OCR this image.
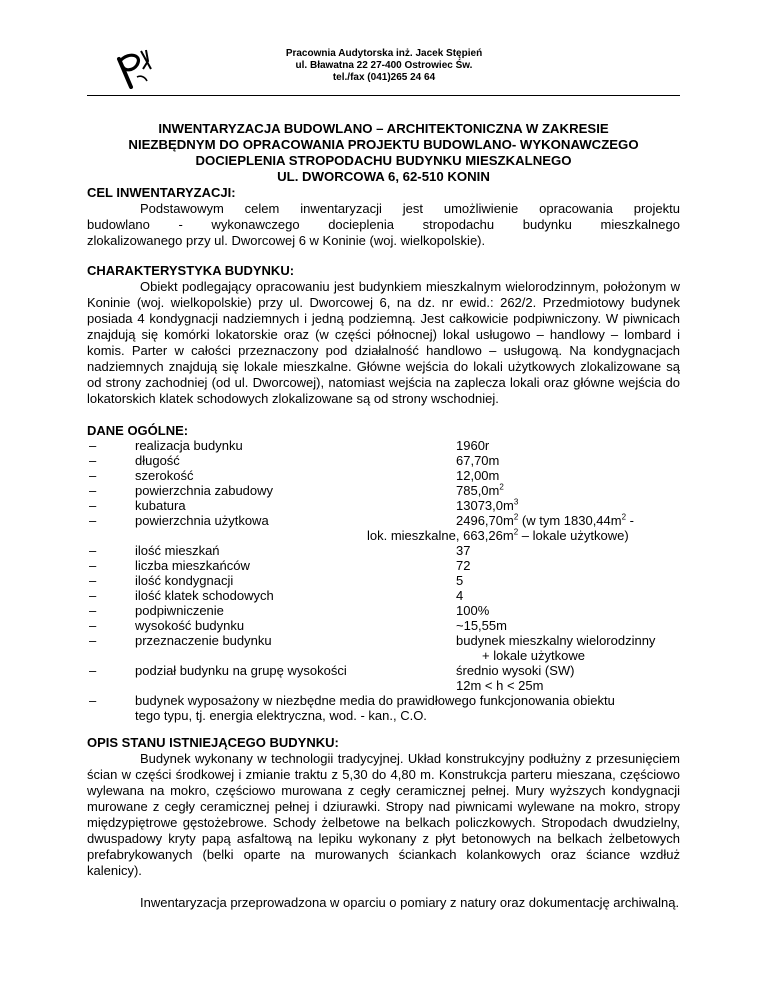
Pracownia Audytorska inż. Jacek Stępień
ul. Bławatna 22 27-400 Ostrowiec Św.
tel./fax (041)265 24 64
INWENTARYZACJA BUDOWLANO – ARCHITEKTONICZNA W ZAKRESIE
NIEZBĘDNYM DO OPRACOWANIA PROJEKTU BUDOWLANO- WYKONAWCZEGO
DOCIEPLENIA STROPODACHU BUDYNKU MIESZKALNEGO
UL. DWORCOWA 6, 62-510 KONIN
CEL INWENTARYZACJI:
Podstawowym celem inwentaryzacji jest umożliwienie opracowania projektu
budowlano - wykonawczego docieplenia stropodachu budynku mieszkalnego
zlokalizowanego przy ul. Dworcowej 6 w Koninie (woj. wielkopolskie).
CHARAKTERYSTYKA BUDYNKU:
Obiekt podlegający opracowaniu jest budynkiem mieszkalnym wielorodzinnym, położonym w Koninie (woj. wielkopolskie) przy ul. Dworcowej 6, na dz. nr ewid.: 262/2. Przedmiotowy budynek posiada 4 kondygnacji nadziemnych i jedną podziemną. Jest całkowicie podpiwniczony. W piwnicach znajdują się komórki lokatorskie oraz (w części północnej) lokal usługowo – handlowy – lombard i komis. Parter w całości przeznaczony pod działalność handlowo – usługową. Na kondygnacjach nadziemnych znajdują się lokale mieszkalne. Główne wejścia do lokali użytkowych zlokalizowane są od strony zachodniej (od ul. Dworcowej), natomiast wejścia na zaplecza lokali oraz główne wejścia do lokatorskich klatek schodowych zlokalizowane są od strony wschodniej.
DANE OGÓLNE:
–	realizacja budynku	1960r
–	długość	67,70m
–	szerokość	12,00m
–	powierzchnia zabudowy	$785,0m^2$
–	kubatura	$13073,0m^3$
–	powierzchnia użytkowa	$2496,70m^2$ (w tym $1830,44m^2$ -
lok. mieszkalne, $663,26m^2$ – lokale użytkowe)
–	ilość mieszkań	37
–	liczba mieszkańców	72
–	ilość kondygnacji	5
–	ilość klatek schodowych	4
–	podpiwniczenie	100%
–	wysokość budynku	~15,55m
–	przeznaczenie budynku	budynek mieszkalny wielorodzinny
+ lokale użytkowe
–	podział budynku na grupę wysokości	średnio wysoki (SW)
12m < h < 25m
–	budynek wyposażony w niezbędne media do prawidłowego funkcjonowania obiektu
tego typu, tj. energia elektryczna, wod. - kan., C.O.
OPIS STANU ISTNIEJĄCEGO BUDYNKU:
Budynek wykonany w technologii tradycyjnej. Układ konstrukcyjny podłużny z przesunięciem ścian w części środkowej i zmianie traktu z 5,30 do 4,80 m. Konstrukcja parteru mieszana, częściowo wylewana na mokro, częściowo murowana z cegły ceramicznej pełnej. Mury wyższych kondygnacji murowane z cegły ceramicznej pełnej i dziurawki. Stropy nad piwnicami wylewane na mokro, stropy międzypiętrowe gęstożebrowe. Schody żelbetowe na belkach policzkowych. Stropodach dwudzielny, dwuspadowy kryty papą asfaltową na lepiku wykonany z płyt betonowych na belkach żelbetowych prefabrykowanych (belki oparte na murowanych ściankach kolankowych oraz ściance wzdłuż kalenicy).
Inwentaryzacja przeprowadzona w oparciu o pomiary z natury oraz dokumentację archiwalną.
